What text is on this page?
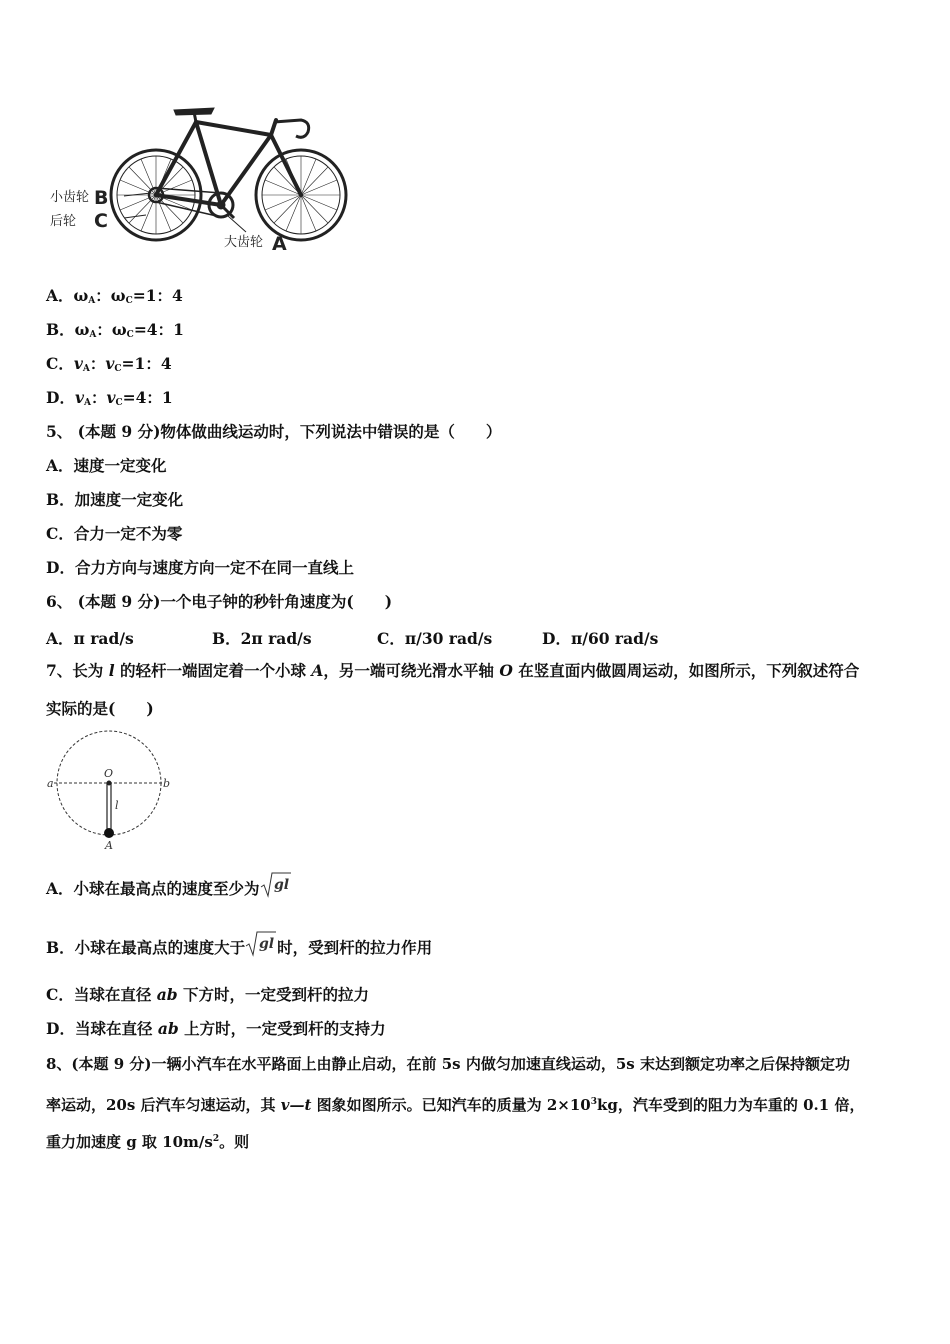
小齿轮 B
后轮 C
大齿轮 A
A．$\omega_A$：$\omega_C=1$：4
B．$\omega_A$：$\omega_C=4$：1
C．$v_A$：$v_C=1$：4
D．$v_A$：$v_C=4$：1
5、 (本题 9 分)物体做曲线运动时，下列说法中错误的是（　　）
A．速度一定变化
B．加速度一定变化
C．合力一定不为零
D．合力方向与速度方向一定不在同一直线上
6、 (本题 9 分)一个电子钟的秒针角速度为(　　)
A．π rad/s	B．2π rad/s	C．π/30 rad/s	D．π/60 rad/s
7、长为 l 的轻杆一端固定着一个小球 A，另一端可绕光滑水平轴 O 在竖直面内做圆周运动，如图所示，下列叙述符合
实际的是(　　)
a	b
O
l
A
A．小球在最高点的速度至少为 gl
B．小球在最高点的速度大于 gl 时，受到杆的拉力作用
C．当球在直径 ab 下方时，一定受到杆的拉力
D．当球在直径 ab 上方时，一定受到杆的支持力
8、(本题 9 分)一辆小汽车在水平路面上由静止启动，在前 5s 内做匀加速直线运动，5s 末达到额定功率之后保持额定功
率运动，20s 后汽车匀速运动，其 v—t 图象如图所示。已知汽车的质量为 $2\times 10^3kg$，汽车受到的阻力为车重的 0.1 倍，
重力加速度 g 取 $10m/s^2$。则
